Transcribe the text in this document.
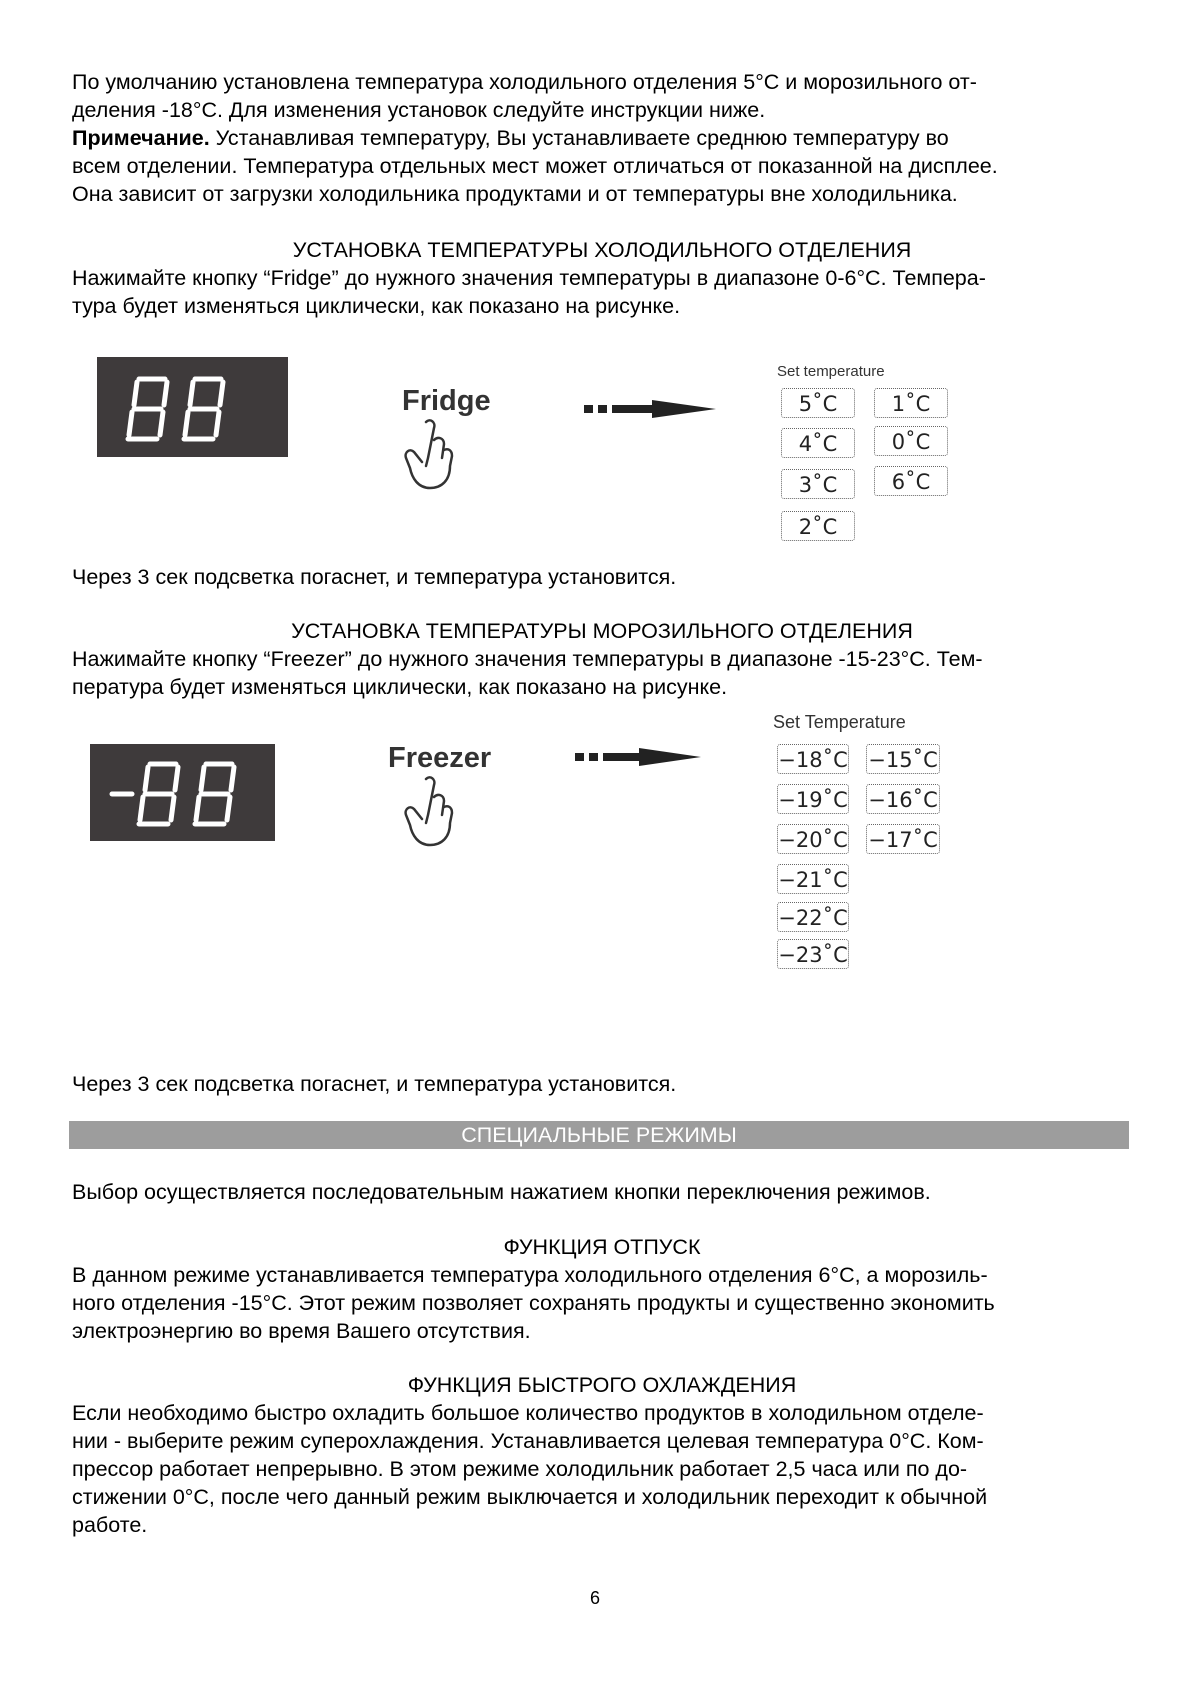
По умолчанию установлена температура холодильного отделения 5°С и морозильного от-

деления -18°С. Для изменения установок следуйте инструкции ниже.

Примечание. Устанавливая температуру, Вы устанавливаете среднюю температуру во

всем отделении. Температура отдельных мест может отличаться от показанной на дисплее.

Она зависит от загрузки холодильника продуктами и от температуры вне холодильника.

УСТАНОВКА ТЕМПЕРАТУРЫ ХОЛОДИЛЬНОГО ОТДЕЛЕНИЯ

Нажимайте кнопку “Fridge” до нужного значения температуры в диапазоне 0-6°С. Темпера-

тура будет изменяться циклически, как показано на рисунке.

Fridge
Set temperature
5˚C
4˚C
3˚C
2˚C
1˚C
0˚C
6˚C

Через 3 сек подсветка погаснет, и температура установится.

УСТАНОВКА ТЕМПЕРАТУРЫ МОРОЗИЛЬНОГО ОТДЕЛЕНИЯ

Нажимайте кнопку “Freezer” до нужного значения температуры в диапазоне -15-23°С. Тем-

пература будет изменяться циклически, как показано на рисунке.

Freezer
Set Temperature
−18˚C
−19˚C
−20˚C
−21˚C
−22˚C
−23˚C
−15˚C
−16˚C
−17˚C

Через 3 сек подсветка погаснет, и температура установится.

СПЕЦИАЛЬНЫЕ РЕЖИМЫ

Выбор осуществляется последовательным нажатием кнопки переключения режимов.

ФУНКЦИЯ ОТПУСК

В данном режиме устанавливается температура холодильного отделения 6°С, а морозиль-

ного отделения -15°С. Этот режим позволяет сохранять продукты и существенно экономить

электроэнергию во время Вашего отсутствия.

ФУНКЦИЯ БЫСТРОГО ОХЛАЖДЕНИЯ

Если необходимо быстро охладить большое количество продуктов в холодильном отделе-

нии - выберите режим суперохлаждения. Устанавливается целевая температура 0°С. Ком-

прессор работает непрерывно. В этом режиме холодильник работает 2,5 часа или по до-

стижении 0°С, после чего данный режим выключается и холодильник переходит к обычной

работе.

6
